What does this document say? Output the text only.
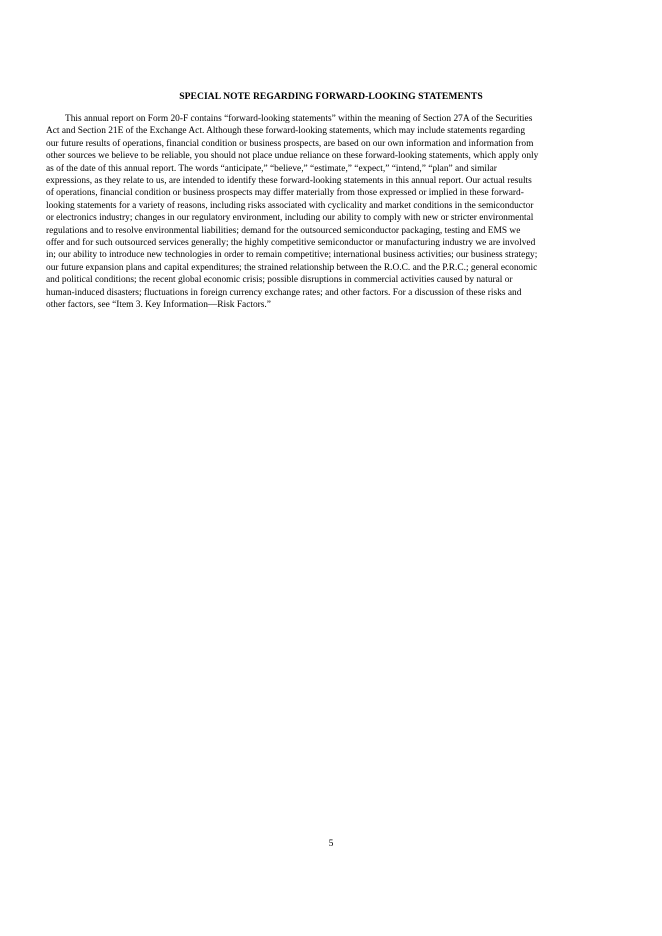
SPECIAL NOTE REGARDING FORWARD-LOOKING STATEMENTS

This annual report on Form 20-F contains “forward-looking statements” within the meaning of Section 27A of the Securities
Act and Section 21E of the Exchange Act. Although these forward-looking statements, which may include statements regarding
our future results of operations, financial condition or business prospects, are based on our own information and information from
other sources we believe to be reliable, you should not place undue reliance on these forward-looking statements, which apply only
as of the date of this annual report. The words “anticipate,” “believe,” “estimate,” “expect,” “intend,” “plan” and similar
expressions, as they relate to us, are intended to identify these forward-looking statements in this annual report. Our actual results
of operations, financial condition or business prospects may differ materially from those expressed or implied in these forward-
looking statements for a variety of reasons, including risks associated with cyclicality and market conditions in the semiconductor
or electronics industry; changes in our regulatory environment, including our ability to comply with new or stricter environmental
regulations and to resolve environmental liabilities; demand for the outsourced semiconductor packaging, testing and EMS we
offer and for such outsourced services generally; the highly competitive semiconductor or manufacturing industry we are involved
in; our ability to introduce new technologies in order to remain competitive; international business activities; our business strategy;
our future expansion plans and capital expenditures; the strained relationship between the R.O.C. and the P.R.C.; general economic
and political conditions; the recent global economic crisis; possible disruptions in commercial activities caused by natural or
human-induced disasters; fluctuations in foreign currency exchange rates; and other factors. For a discussion of these risks and
other factors, see “Item 3. Key Information—Risk Factors.”

5
